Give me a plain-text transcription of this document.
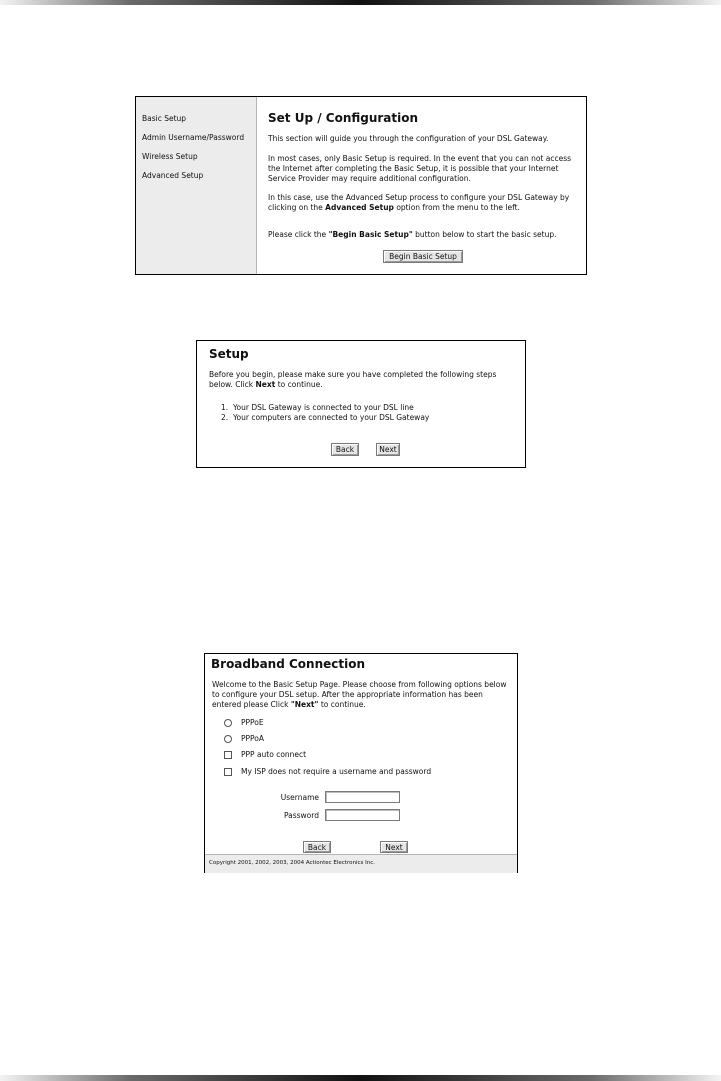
Basic Setup
Admin Username/Password
Wireless Setup
Advanced Setup
Set Up / Configuration
This section will guide you through the configuration of your DSL Gateway.
In most cases, only Basic Setup is required. In the event that you can not access the Internet after completing the Basic Setup, it is possible that your Internet Service Provider may require additional configuration.
In this case, use the Advanced Setup process to configure your DSL Gateway by clicking on the Advanced Setup option from the menu to the left.
Please click the "Begin Basic Setup" button below to start the basic setup.
Begin Basic Setup
Setup
Before you begin, please make sure you have completed the following steps below. Click Next to continue.
1. Your DSL Gateway is connected to your DSL line
2. Your computers are connected to your DSL Gateway
Back	Next
Broadband Connection
Welcome to the Basic Setup Page. Please choose from following options below to configure your DSL setup. After the appropriate information has been entered please Click "Next" to continue.
PPPoE
PPPoA
PPP auto connect
My ISP does not require a username and password
Username
Password
Back	Next
Copyright 2001, 2002, 2003, 2004 Actiontec Electronics Inc.
